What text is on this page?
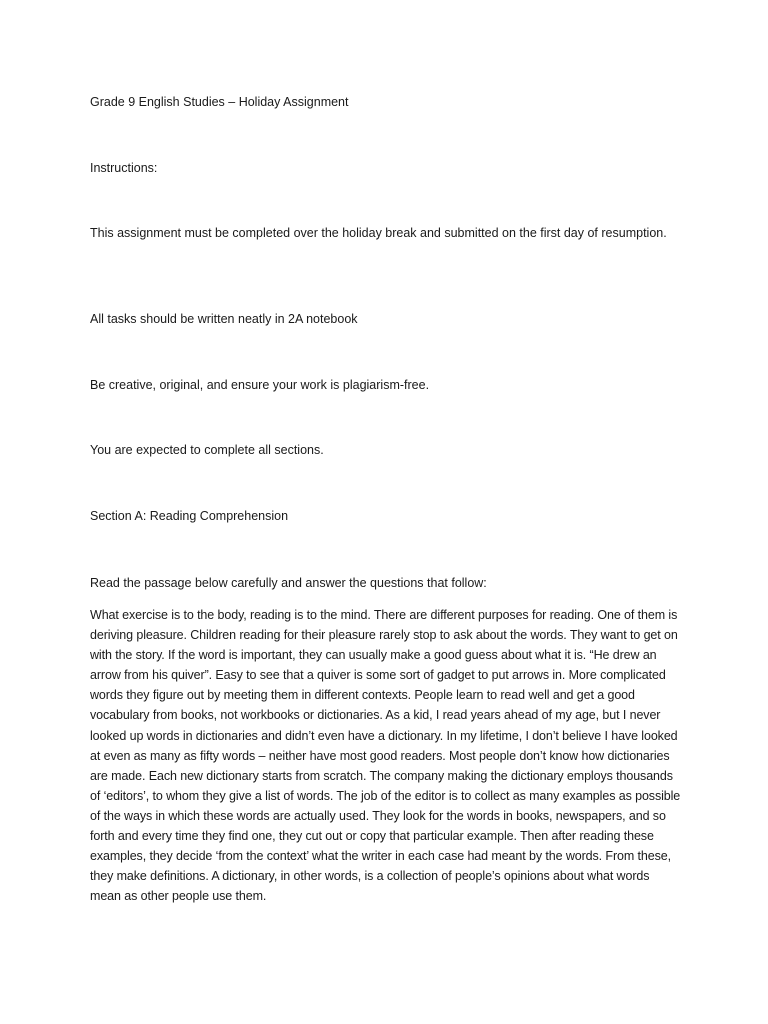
Grade 9 English Studies – Holiday Assignment

Instructions:

This assignment must be completed over the holiday break and submitted on the first day of resumption.

All tasks should be written neatly in 2A notebook

Be creative, original, and ensure your work is plagiarism-free.

You are expected to complete all sections.

Section A: Reading Comprehension

Read the passage below carefully and answer the questions that follow:

What exercise is to the body, reading is to the mind. There are different purposes for reading. One of them is deriving pleasure. Children reading for their pleasure rarely stop to ask about the words. They want to get on with the story. If the word is important, they can usually make a good guess about what it is. “He drew an arrow from his quiver”. Easy to see that a quiver is some sort of gadget to put arrows in. More complicated words they figure out by meeting them in different contexts. People learn to read well and get a good vocabulary from books, not workbooks or dictionaries. As a kid, I read years ahead of my age, but I never looked up words in dictionaries and didn’t even have a dictionary. In my lifetime, I don’t believe I have looked at even as many as fifty words – neither have most good readers. Most people don’t know how dictionaries are made. Each new dictionary starts from scratch. The company making the dictionary employs thousands of ‘editors’, to whom they give a list of words. The job of the editor is to collect as many examples as possible of the ways in which these words are actually used. They look for the words in books, newspapers, and so forth and every time they find one, they cut out or copy that particular example. Then after reading these examples, they decide ‘from the context’ what the writer in each case had meant by the words. From these, they make definitions. A dictionary, in other words, is a collection of people’s opinions about what words mean as other people use them.
